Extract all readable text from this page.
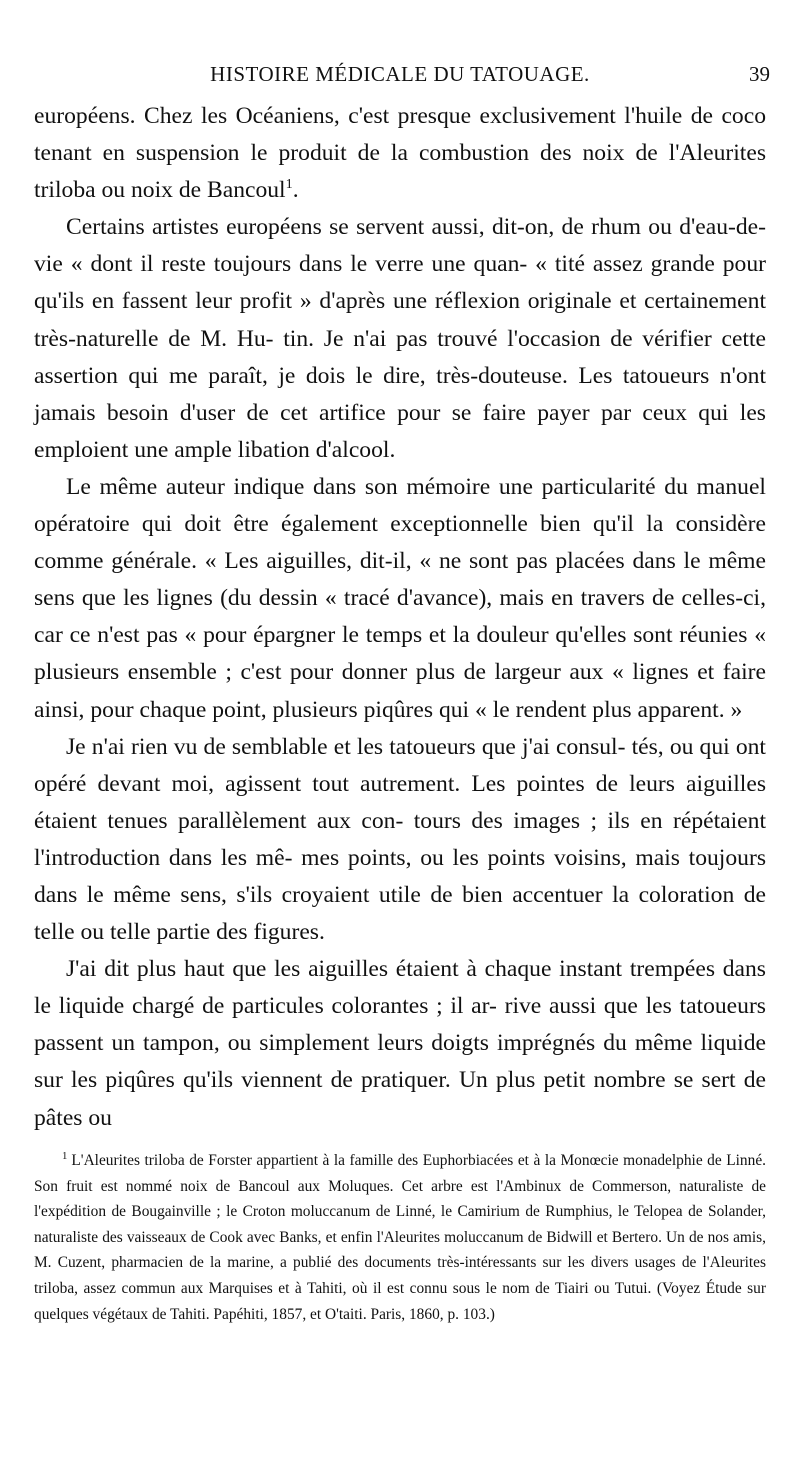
HISTOIRE MÉDICALE DU TATOUAGE.	39

européens. Chez les Océaniens, c'est presque exclusivement l'huile de coco tenant en suspension le produit de la combustion des noix de l'Aleurites triloba ou noix de Bancoul$^1$.

Certains artistes européens se servent aussi, dit-on, de rhum ou d'eau-de-vie « dont il reste toujours dans le verre une quan- « tité assez grande pour qu'ils en fassent leur profit » d'après une réflexion originale et certainement très-naturelle de M. Hu- tin. Je n'ai pas trouvé l'occasion de vérifier cette assertion qui me paraît, je dois le dire, très-douteuse. Les tatoueurs n'ont jamais besoin d'user de cet artifice pour se faire payer par ceux qui les emploient une ample libation d'alcool.

Le même auteur indique dans son mémoire une particularité du manuel opératoire qui doit être également exceptionnelle bien qu'il la considère comme générale. « Les aiguilles, dit-il, « ne sont pas placées dans le même sens que les lignes (du dessin « tracé d'avance), mais en travers de celles-ci, car ce n'est pas « pour épargner le temps et la douleur qu'elles sont réunies « plusieurs ensemble ; c'est pour donner plus de largeur aux « lignes et faire ainsi, pour chaque point, plusieurs piqûres qui « le rendent plus apparent. »

Je n'ai rien vu de semblable et les tatoueurs que j'ai consul- tés, ou qui ont opéré devant moi, agissent tout autrement. Les pointes de leurs aiguilles étaient tenues parallèlement aux con- tours des images ; ils en répétaient l'introduction dans les mê- mes points, ou les points voisins, mais toujours dans le même sens, s'ils croyaient utile de bien accentuer la coloration de telle ou telle partie des figures.

J'ai dit plus haut que les aiguilles étaient à chaque instant trempées dans le liquide chargé de particules colorantes ; il ar- rive aussi que les tatoueurs passent un tampon, ou simplement leurs doigts imprégnés du même liquide sur les piqûres qu'ils viennent de pratiquer. Un plus petit nombre se sert de pâtes ou

$^1$ L'Aleurites triloba de Forster appartient à la famille des Euphorbiacées et à la Monœcie monadelphie de Linné. Son fruit est nommé noix de Bancoul aux Moluques. Cet arbre est l'Ambinux de Commerson, naturaliste de l'expédition de Bougainville ; le Croton moluccanum de Linné, le Camirium de Rumphius, le Telopea de Solander, naturaliste des vaisseaux de Cook avec Banks, et enfin l'Aleurites moluccanum de Bidwill et Bertero. Un de nos amis, M. Cuzent, pharmacien de la marine, a publié des documents très-intéressants sur les divers usages de l'Aleurites triloba, assez commun aux Marquises et à Tahiti, où il est connu sous le nom de Tiairi ou Tutui. (Voyez Étude sur quelques végétaux de Tahiti. Papéhiti, 1857, et O'taiti. Paris, 1860, p. 103.)
